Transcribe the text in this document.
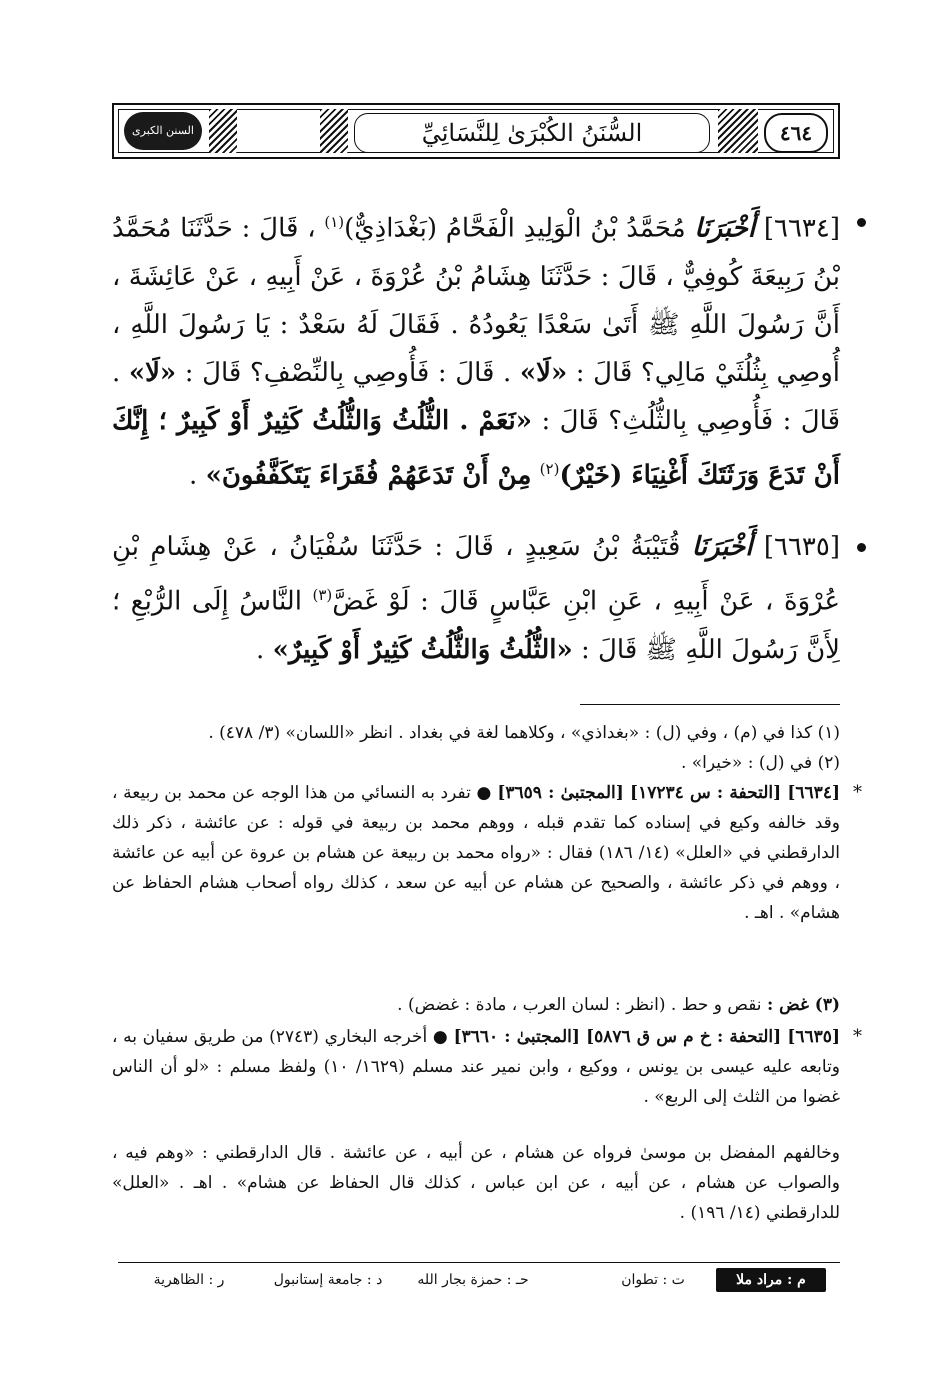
السنن الكبرى	السُّنَنُ الكُبْرَىٰ لِلنَّسَائِيِّ	٤٦٤
[٦٦٣٤] أَخْبَرَنَا مُحَمَّدُ بْنُ الْوَلِيدِ الْفَحَّامُ (بَغْدَاذِيٌّ)$^{(١)}$ ، قَالَ : حَدَّثَنَا مُحَمَّدُ بْنُ رَبِيعَةَ كُوفِيٌّ ، قَالَ : حَدَّثَنَا هِشَامُ بْنُ عُرْوَةَ ، عَنْ أَبِيهِ ، عَنْ عَائِشَةَ ، أَنَّ رَسُولَ اللَّهِ ﷺ أَتَىٰ سَعْدًا يَعُودُهُ . فَقَالَ لَهُ سَعْدٌ : يَا رَسُولَ اللَّهِ ، أُوصِي بِثُلُثَيْ مَالِي؟ قَالَ : «لَا» . قَالَ : فَأُوصِي بِالنِّصْفِ؟ قَالَ : «لَا» . قَالَ : فَأُوصِي بِالثُّلُثِ؟ قَالَ : «نَعَمْ . الثُّلُثُ وَالثُّلُثُ كَثِيرٌ أَوْ كَبِيرٌ ؛ إِنَّكَ أَنْ تَدَعَ وَرَثَتَكَ أَغْنِيَاءَ (خَيْرٌ)$^{(٢)}$ مِنْ أَنْ تَدَعَهُمْ فُقَرَاءَ يَتَكَفَّفُونَ» .
[٦٦٣٥] أَخْبَرَنَا قُتَيْبَةُ بْنُ سَعِيدٍ ، قَالَ : حَدَّثَنَا سُفْيَانُ ، عَنْ هِشَامِ بْنِ عُرْوَةَ ، عَنْ أَبِيهِ ، عَنِ ابْنِ عَبَّاسٍ قَالَ : لَوْ غَضَّ$^{(٣)}$ النَّاسُ إِلَى الرُّبْعِ ؛ لِأَنَّ رَسُولَ اللَّهِ ﷺ قَالَ : «الثُّلُثُ وَالثُّلُثُ كَثِيرٌ أَوْ كَبِيرٌ» .
(١) كذا في (م) ، وفي (ل) : «بغداذي» ، وكلاهما لغة في بغداد . انظر «اللسان» (٣/ ٤٧٨) .
(٢) في (ل) : «خيرا» .
*
[٦٦٣٤] [التحفة : س ١٧٢٣٤] [المجتبىٰ : ٣٦٥٩] ● تفرد به النسائي من هذا الوجه عن محمد بن ربيعة ، وقد خالفه وكيع في إسناده كما تقدم قبله ، ووهم محمد بن ربيعة في قوله : عن عائشة ، ذكر ذلك الدارقطني في «العلل» (١٤/ ١٨٦) فقال : «رواه محمد بن ربيعة عن هشام بن عروة عن أبيه عن عائشة ، ووهم في ذكر عائشة ، والصحيح عن هشام عن أبيه عن سعد ، كذلك رواه أصحاب هشام الحفاظ عن هشام» . اهـ .
(٣) غض : نقص و حط . (انظر : لسان العرب ، مادة : غضض) .
*
[٦٦٣٥] [التحفة : خ م س ق ٥٨٧٦] [المجتبىٰ : ٣٦٦٠] ● أخرجه البخاري (٢٧٤٣) من طريق سفيان به ، وتابعه عليه عيسى بن يونس ، ووكيع ، وابن نمير عند مسلم (١٦٢٩/ ١٠) ولفظ مسلم : «لو أن الناس غضوا من الثلث إلى الربع» .
وخالفهم المفضل بن موسىٰ فرواه عن هشام ، عن أبيه ، عن عائشة . قال الدارقطني : «وهم فيه ، والصواب عن هشام ، عن أبيه ، عن ابن عباس ، كذلك قال الحفاظ عن هشام» . اهـ . «العلل» للدارقطني (١٤/ ١٩٦) .
م : مراد ملا
ت : تطوان
حـ : حمزة بجار الله
د : جامعة إستانبول
ر : الظاهرية
